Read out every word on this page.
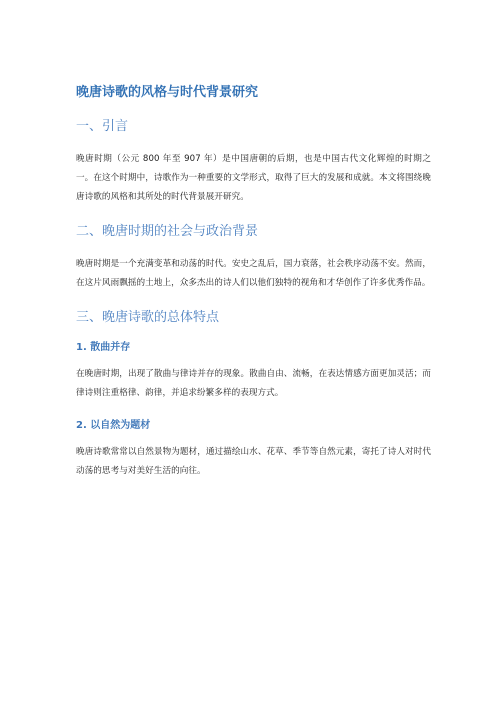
晚唐诗歌的风格与时代背景研究
一、引言

晚唐时期（公元 800 年至 907 年）是中国唐朝的后期，也是中国古代文化辉煌的时期之一。在这个时期中，诗歌作为一种重要的文学形式，取得了巨大的发展和成就。本文将围绕晚唐诗歌的风格和其所处的时代背景展开研究。

二、晚唐时期的社会与政治背景

晚唐时期是一个充满变革和动荡的时代。安史之乱后，国力衰落，社会秩序动荡不安。然而，在这片风雨飘摇的土地上，众多杰出的诗人们以他们独特的视角和才华创作了许多优秀作品。

三、晚唐诗歌的总体特点
1. 散曲并存

在晚唐时期，出现了散曲与律诗并存的现象。散曲自由、流畅，在表达情感方面更加灵活；而律诗则注重格律、韵律，并追求纷繁多样的表现方式。

2. 以自然为题材

晚唐诗歌常常以自然景物为题材，通过描绘山水、花草、季节等自然元素，寄托了诗人对时代动荡的思考与对美好生活的向往。
